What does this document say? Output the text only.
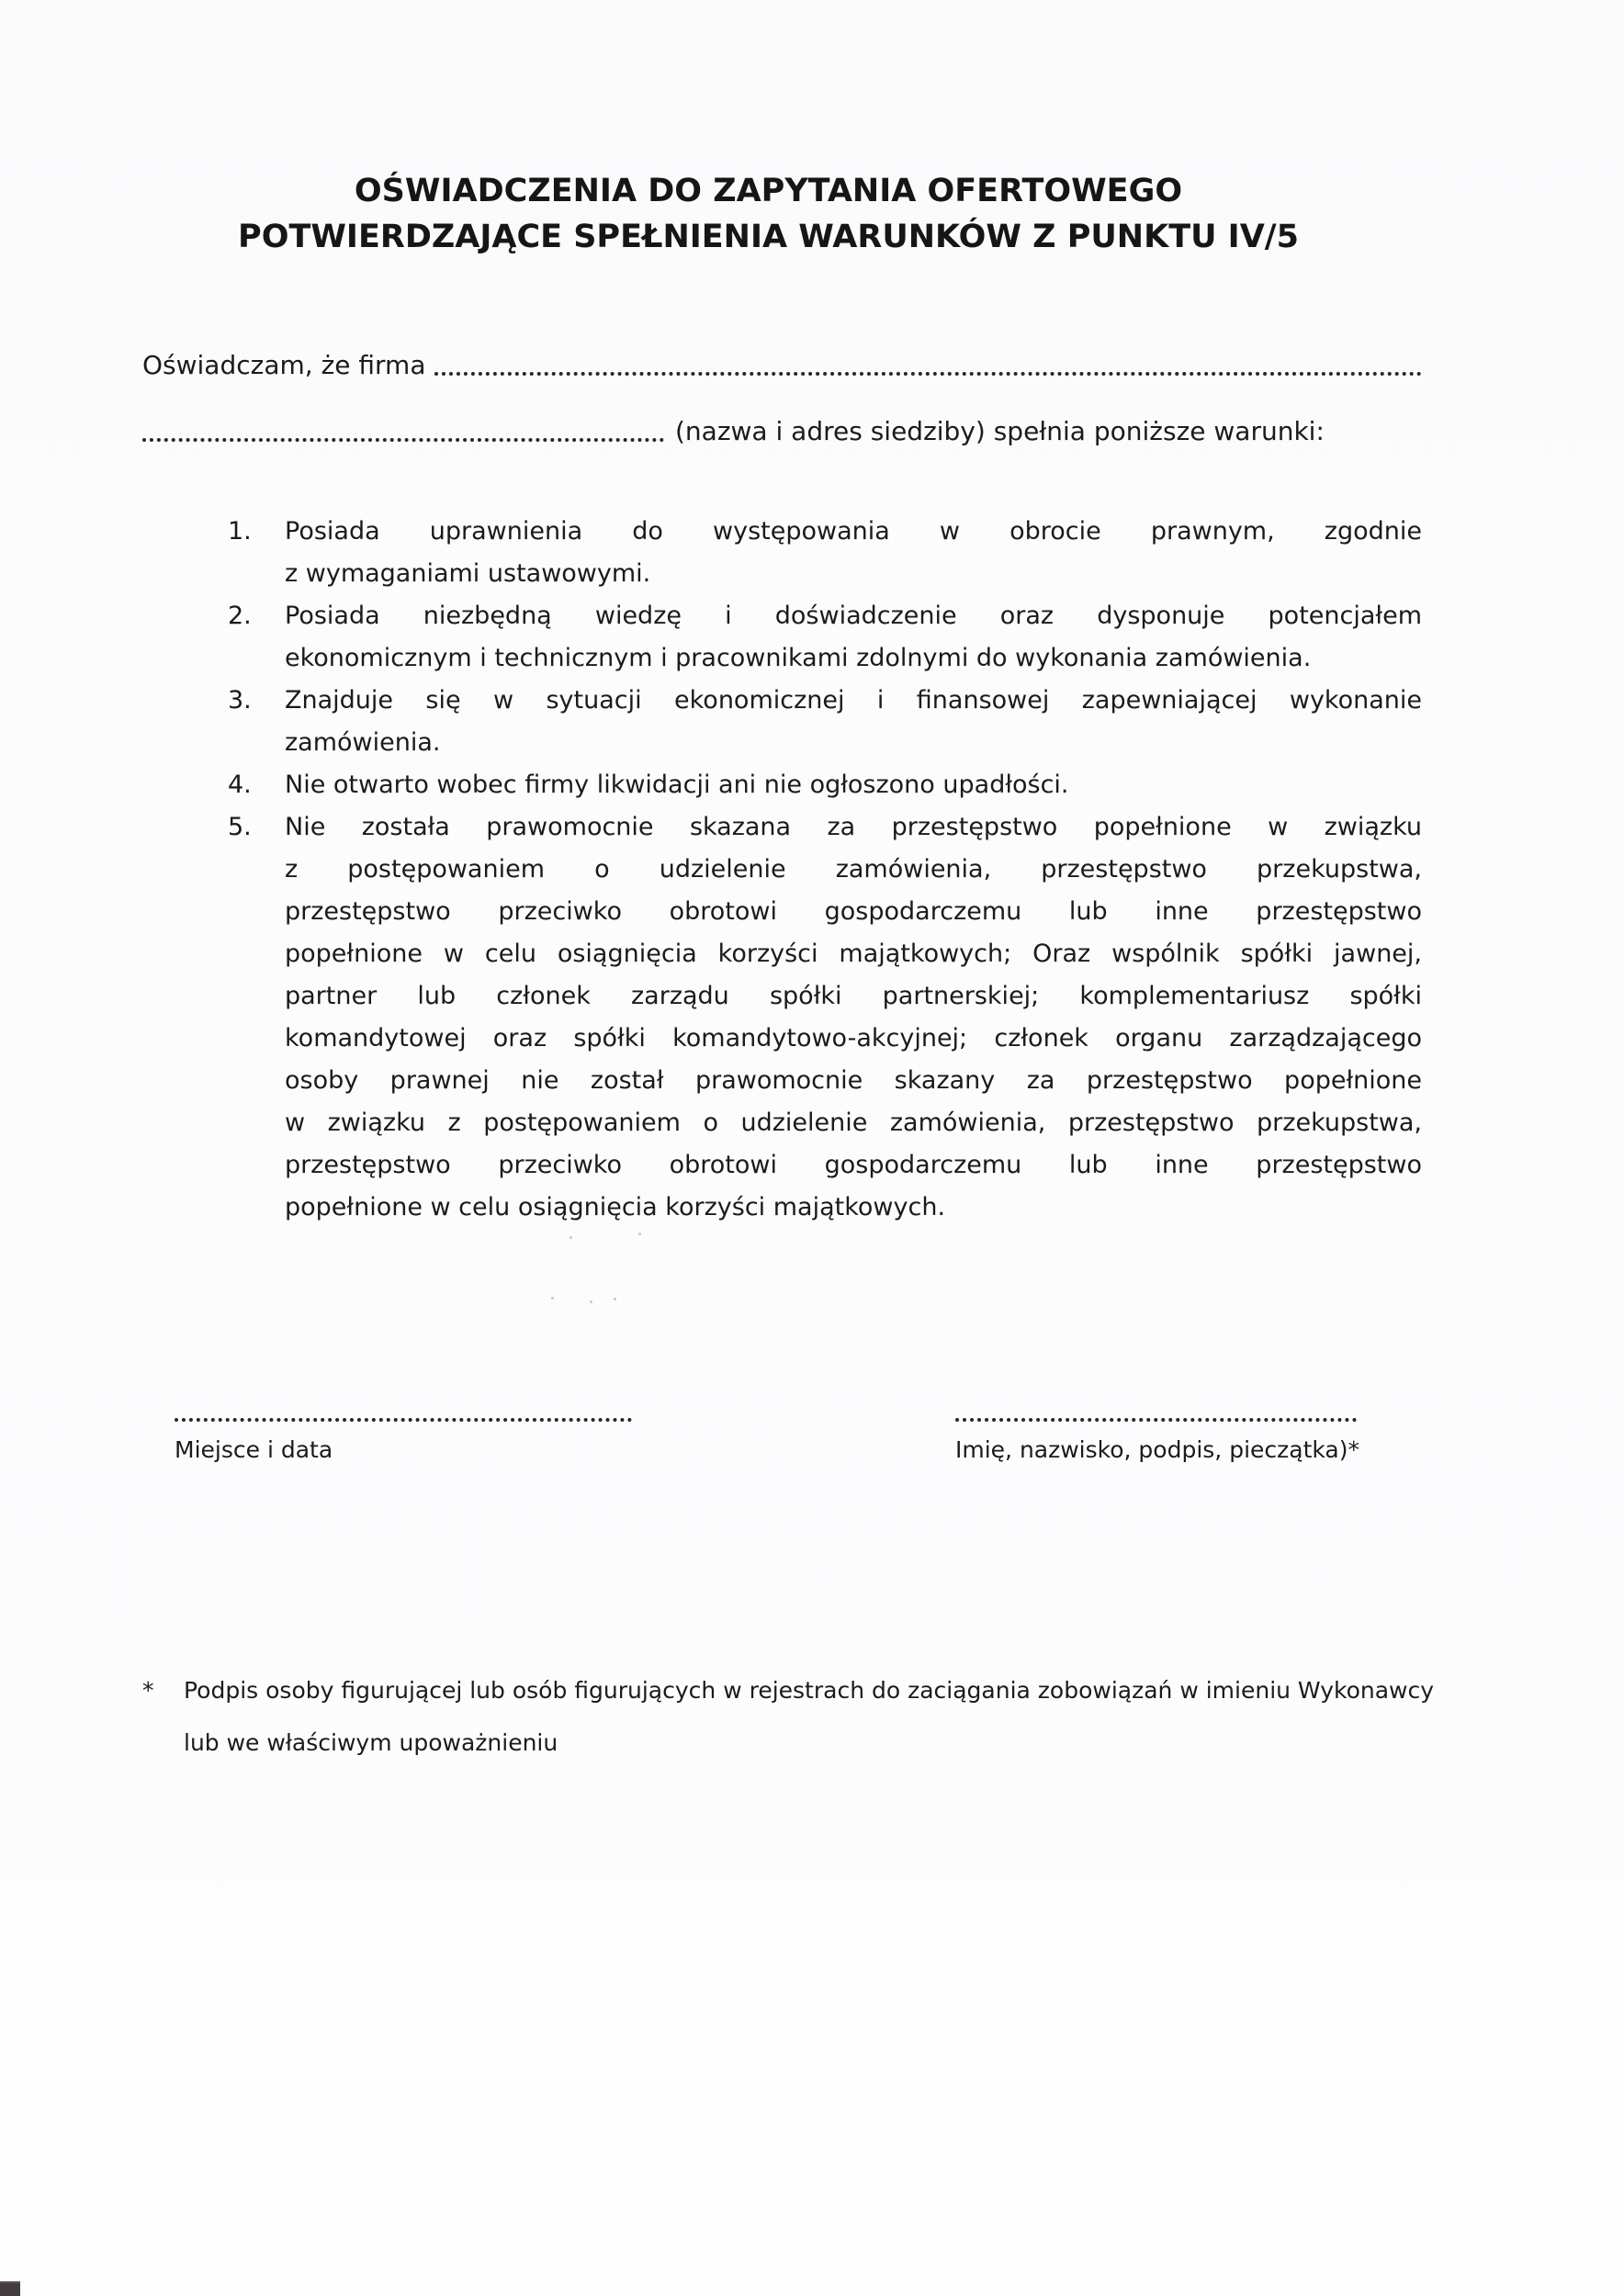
OŚWIADCZENIA DO ZAPYTANIA OFERTOWEGO
POTWIERDZAJĄCE SPEŁNIENIA WARUNKÓW Z PUNKTU IV/5
Oświadczam, że firma
(nazwa i adres siedziby) spełnia poniższe warunki:
1.	Posiada uprawnienia do występowania w obrocie prawnym, zgodnie
z wymaganiami ustawowymi.
2.	Posiada niezbędną wiedzę i doświadczenie oraz dysponuje potencjałem
ekonomicznym i technicznym i pracownikami zdolnymi do wykonania zamówienia.
3.	Znajduje się w sytuacji ekonomicznej i finansowej zapewniającej wykonanie
zamówienia.
4.	Nie otwarto wobec firmy likwidacji ani nie ogłoszono upadłości.
5.	Nie została prawomocnie skazana za przestępstwo popełnione w związku
z postępowaniem o udzielenie zamówienia, przestępstwo przekupstwa,
przestępstwo przeciwko obrotowi gospodarczemu lub inne przestępstwo
popełnione w celu osiągnięcia korzyści majątkowych; Oraz wspólnik spółki jawnej,
partner lub członek zarządu spółki partnerskiej; komplementariusz spółki
komandytowej oraz spółki komandytowo-akcyjnej; członek organu zarządzającego
osoby prawnej nie został prawomocnie skazany za przestępstwo popełnione
w związku z postępowaniem o udzielenie zamówienia, przestępstwo przekupstwa,
przestępstwo przeciwko obrotowi gospodarczemu lub inne przestępstwo
popełnione w celu osiągnięcia korzyści majątkowych.
Miejsce i data	Imię, nazwisko, podpis, pieczątka)*
*	Podpis osoby figurującej lub osób figurujących w rejestrach do zaciągania zobowiązań w imieniu Wykonawcy
lub we właściwym upoważnieniu
